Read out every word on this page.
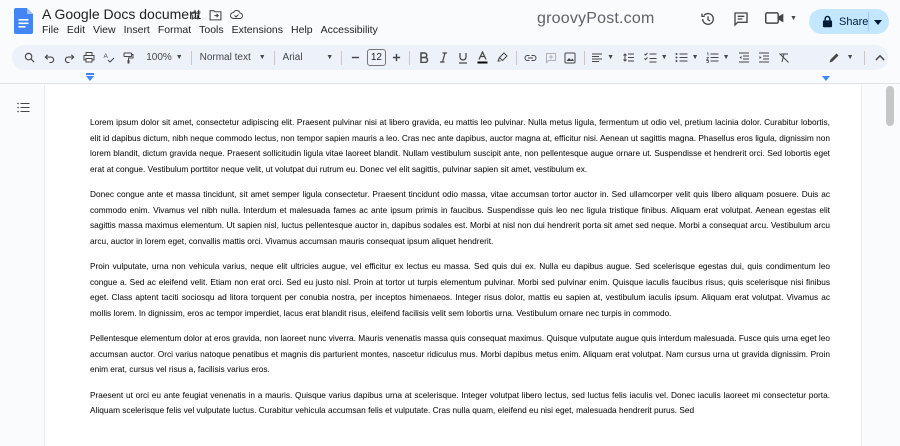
A Google Docs document
File Edit View Insert Format Tools Extensions Help Accessibility
groovyPost.com	▼	Share
A	100% ▼ Normal text ▼ Arial	▼	12	▼	▼	▼	▼	▼

Lorem ipsum dolor sit amet, consectetur adipiscing elit. Praesent pulvinar nisi at libero gravida, eu mattis leo pulvinar. Nulla metus ligula, fermentum ut odio vel, pretium lacinia dolor. Curabitur lobortis, elit id dapibus dictum, nibh neque commodo lectus, non tempor sapien mauris a leo. Cras nec ante dapibus, auctor magna at, efficitur nisi. Aenean ut sagittis magna. Phasellus eros ligula, dignissim non lorem blandit, dictum gravida neque. Praesent sollicitudin ligula vitae laoreet blandit. Nullam vestibulum suscipit ante, non pellentesque augue ornare ut. Suspendisse et hendrerit orci. Sed lobortis eget erat at congue. Vestibulum porttitor neque velit, ut volutpat dui rutrum eu. Donec vel elit sagittis, pulvinar sapien sit amet, vestibulum ex.

Donec congue ante et massa tincidunt, sit amet semper ligula consectetur. Praesent tincidunt odio massa, vitae accumsan tortor auctor in. Sed ullamcorper velit quis libero aliquam posuere. Duis ac commodo enim. Vivamus vel nibh nulla. Interdum et malesuada fames ac ante ipsum primis in faucibus. Suspendisse quis leo nec ligula tristique finibus. Aliquam erat volutpat. Aenean egestas elit sagittis massa maximus elementum. Ut sapien nisl, luctus pellentesque auctor in, dapibus sodales est. Morbi at nisl non dui hendrerit porta sit amet sed neque. Morbi a consequat arcu. Vestibulum arcu arcu, auctor in lorem eget, convallis mattis orci. Vivamus accumsan mauris consequat ipsum aliquet hendrerit.

Proin vulputate, urna non vehicula varius, neque elit ultricies augue, vel efficitur ex lectus eu massa. Sed quis dui ex. Nulla eu dapibus augue. Sed scelerisque egestas dui, quis condimentum leo congue a. Sed ac eleifend velit. Etiam non erat orci. Sed eu justo nisl. Proin at tortor ut turpis elementum pulvinar. Morbi sed pulvinar enim. Quisque iaculis faucibus risus, quis scelerisque nisi finibus eget. Class aptent taciti sociosqu ad litora torquent per conubia nostra, per inceptos himenaeos. Integer risus dolor, mattis eu sapien at, vestibulum iaculis ipsum. Aliquam erat volutpat. Vivamus ac mollis lorem. In dignissim, eros ac tempor imperdiet, lacus erat blandit risus, eleifend facilisis velit sem lobortis urna. Vestibulum ornare nec turpis in commodo.

Pellentesque elementum dolor at eros gravida, non laoreet nunc viverra. Mauris venenatis massa quis consequat maximus. Quisque vulputate augue quis interdum malesuada. Fusce quis urna eget leo accumsan auctor. Orci varius natoque penatibus et magnis dis parturient montes, nascetur ridiculus mus. Morbi dapibus metus enim. Aliquam erat volutpat. Nam cursus urna ut gravida dignissim. Proin enim erat, cursus vel risus a, facilisis varius eros.

Praesent ut orci eu ante feugiat venenatis in a mauris. Quisque varius dapibus urna at scelerisque. Integer volutpat libero lectus, sed luctus felis iaculis vel. Donec iaculis laoreet mi consectetur porta. Aliquam scelerisque felis vel vulputate luctus. Curabitur vehicula accumsan felis et vulputate. Cras nulla quam, eleifend eu nisi eget, malesuada hendrerit purus. Sed
